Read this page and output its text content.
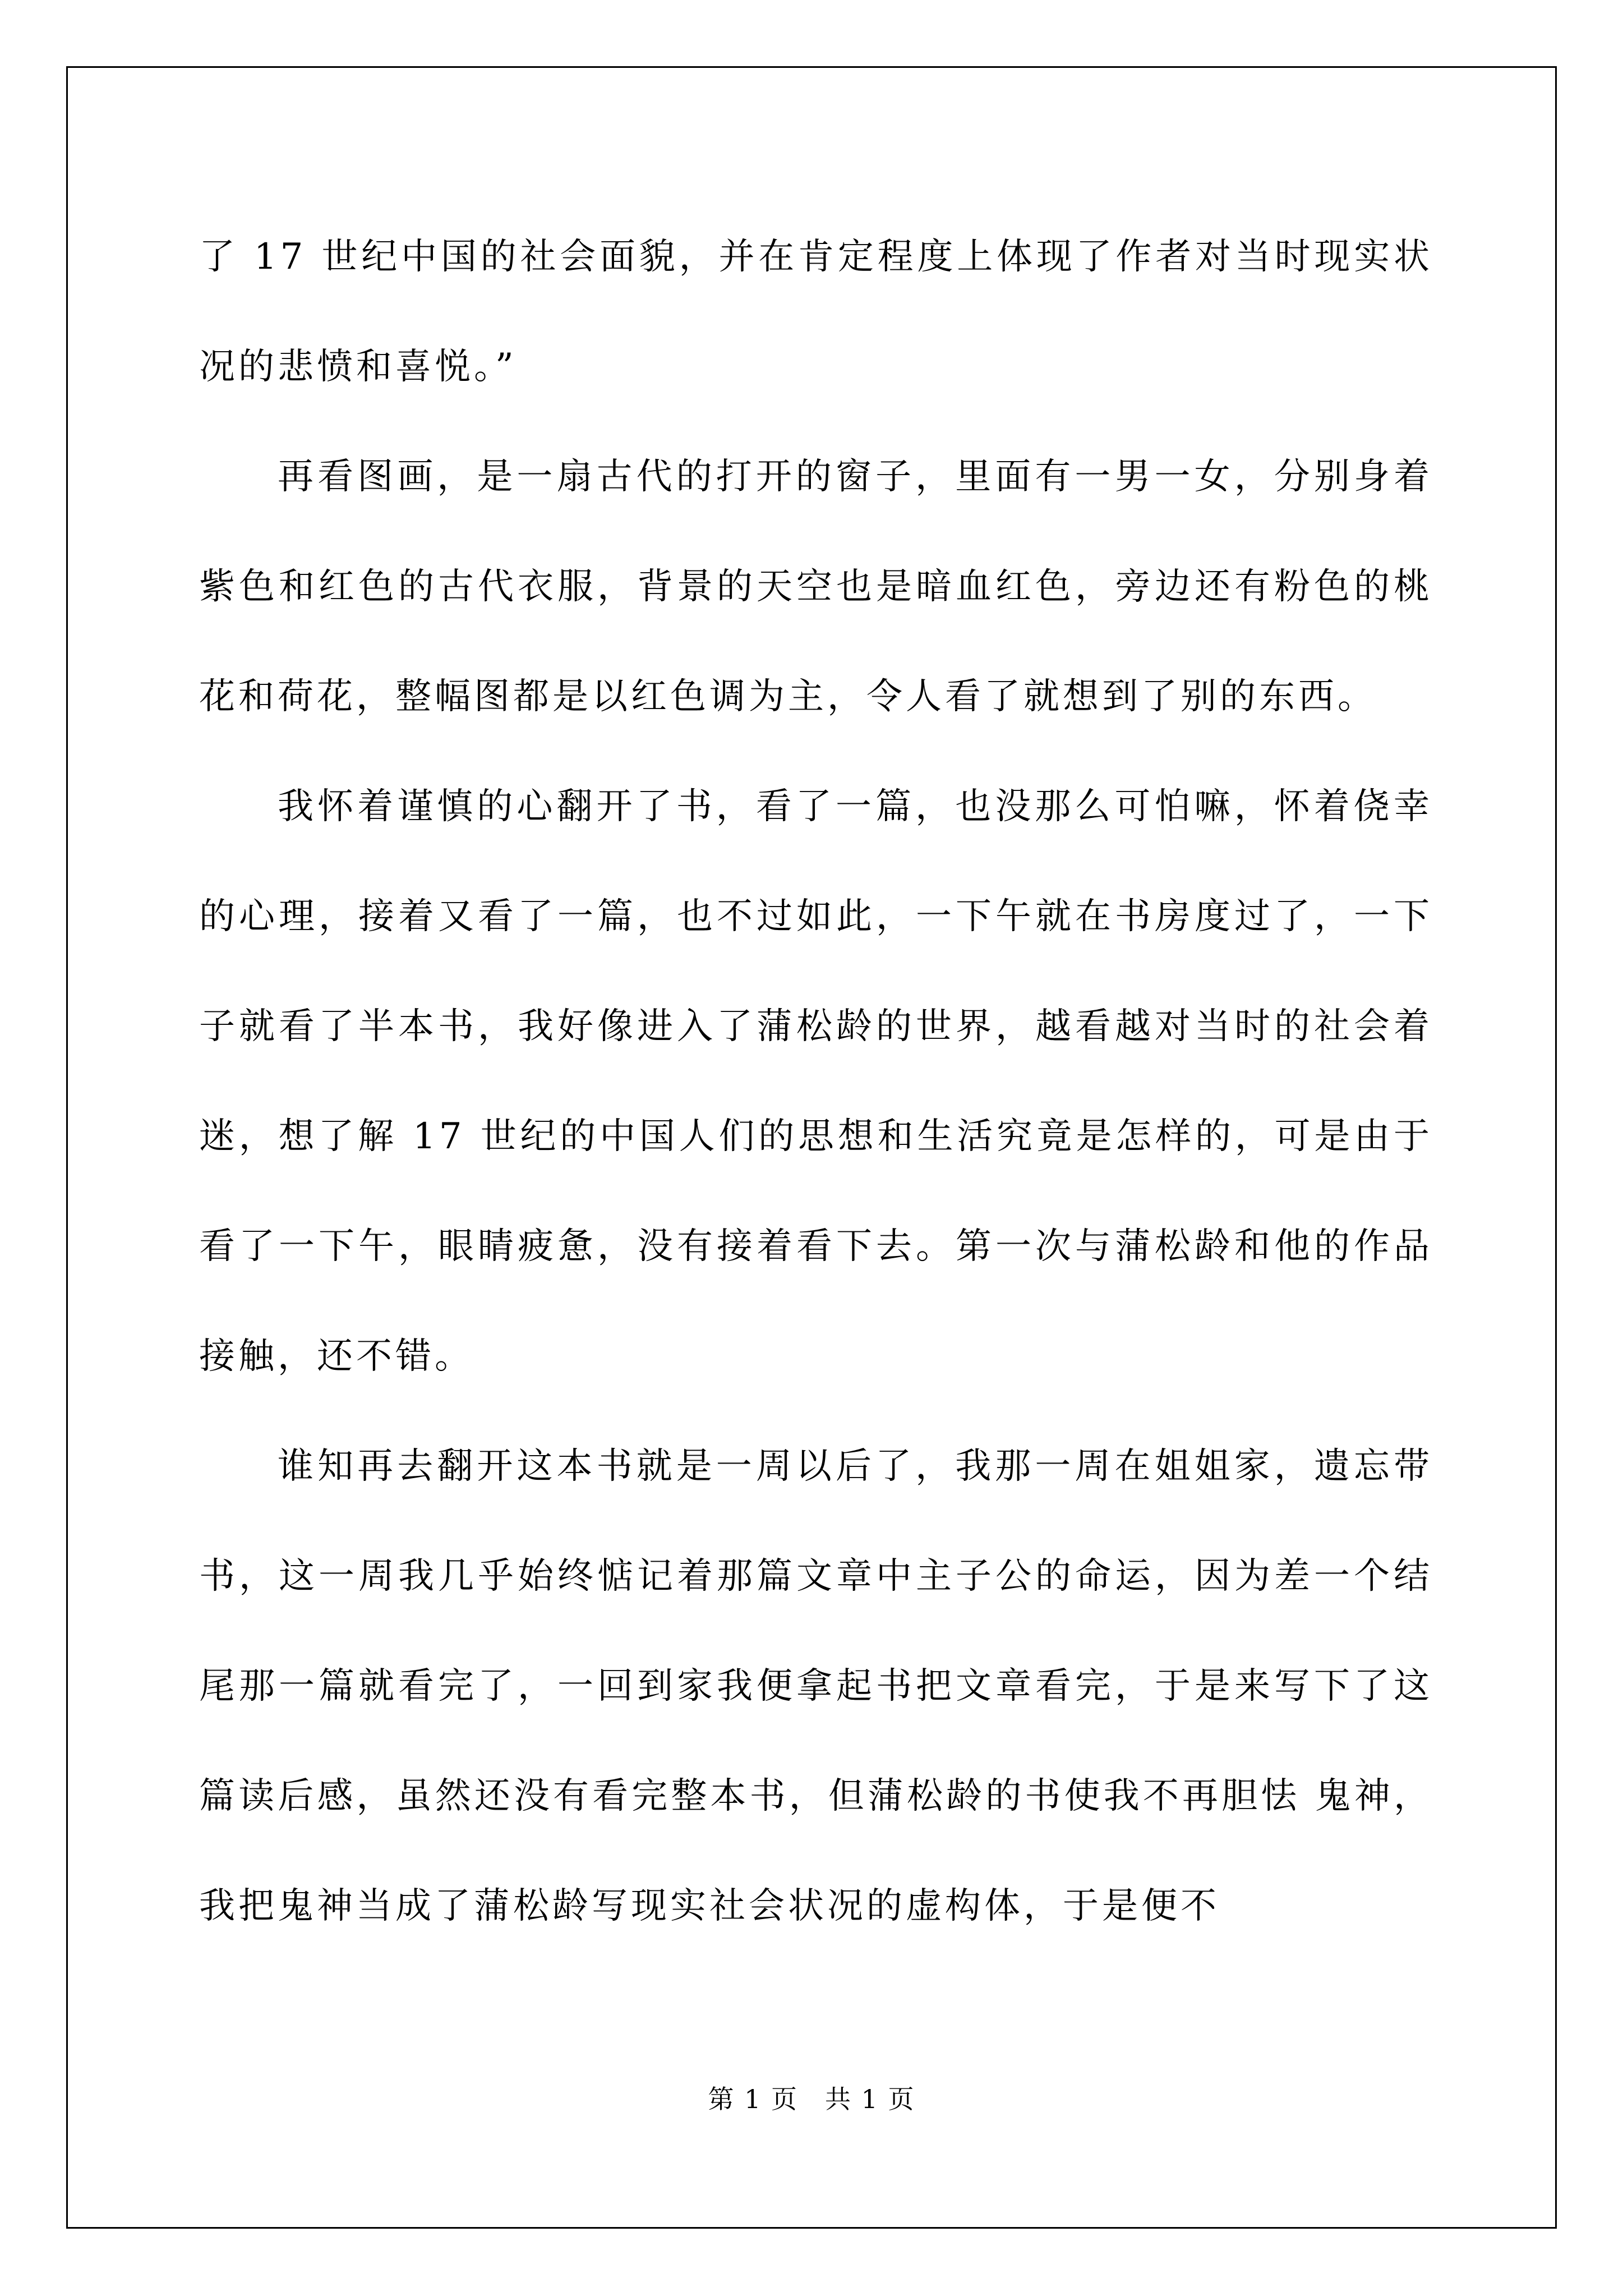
了 17 世纪中国的社会面貌，并在肯定程度上体现了作者对当时现实状况的悲愤和喜悦。”

再看图画，是一扇古代的打开的窗子，里面有一男一女，分别身着紫色和红色的古代衣服，背景的天空也是暗血红色，旁边还有粉色的桃花和荷花，整幅图都是以红色调为主，令人看了就想到了别的东西。

我怀着谨慎的心翻开了书，看了一篇，也没那么可怕嘛，怀着侥幸的心理，接着又看了一篇，也不过如此，一下午就在书房度过了，一下子就看了半本书，我好像进入了蒲松龄的世界，越看越对当时的社会着迷，想了解 17 世纪的中国人们的思想和生活究竟是怎样的，可是由于看了一下午，眼睛疲惫，没有接着看下去。第一次与蒲松龄和他的作品接触，还不错。

谁知再去翻开这本书就是一周以后了，我那一周在姐姐家，遗忘带书，这一周我几乎始终惦记着那篇文章中主子公的命运，因为差一个结尾那一篇就看完了，一回到家我便拿起书把文章看完，于是来写下了这篇读后感，虽然还没有看完整本书，但蒲松龄的书使我不再胆怯 鬼神，我把鬼神当成了蒲松龄写现实社会状况的虚构体，于是便不

第 1 页　共 1 页
